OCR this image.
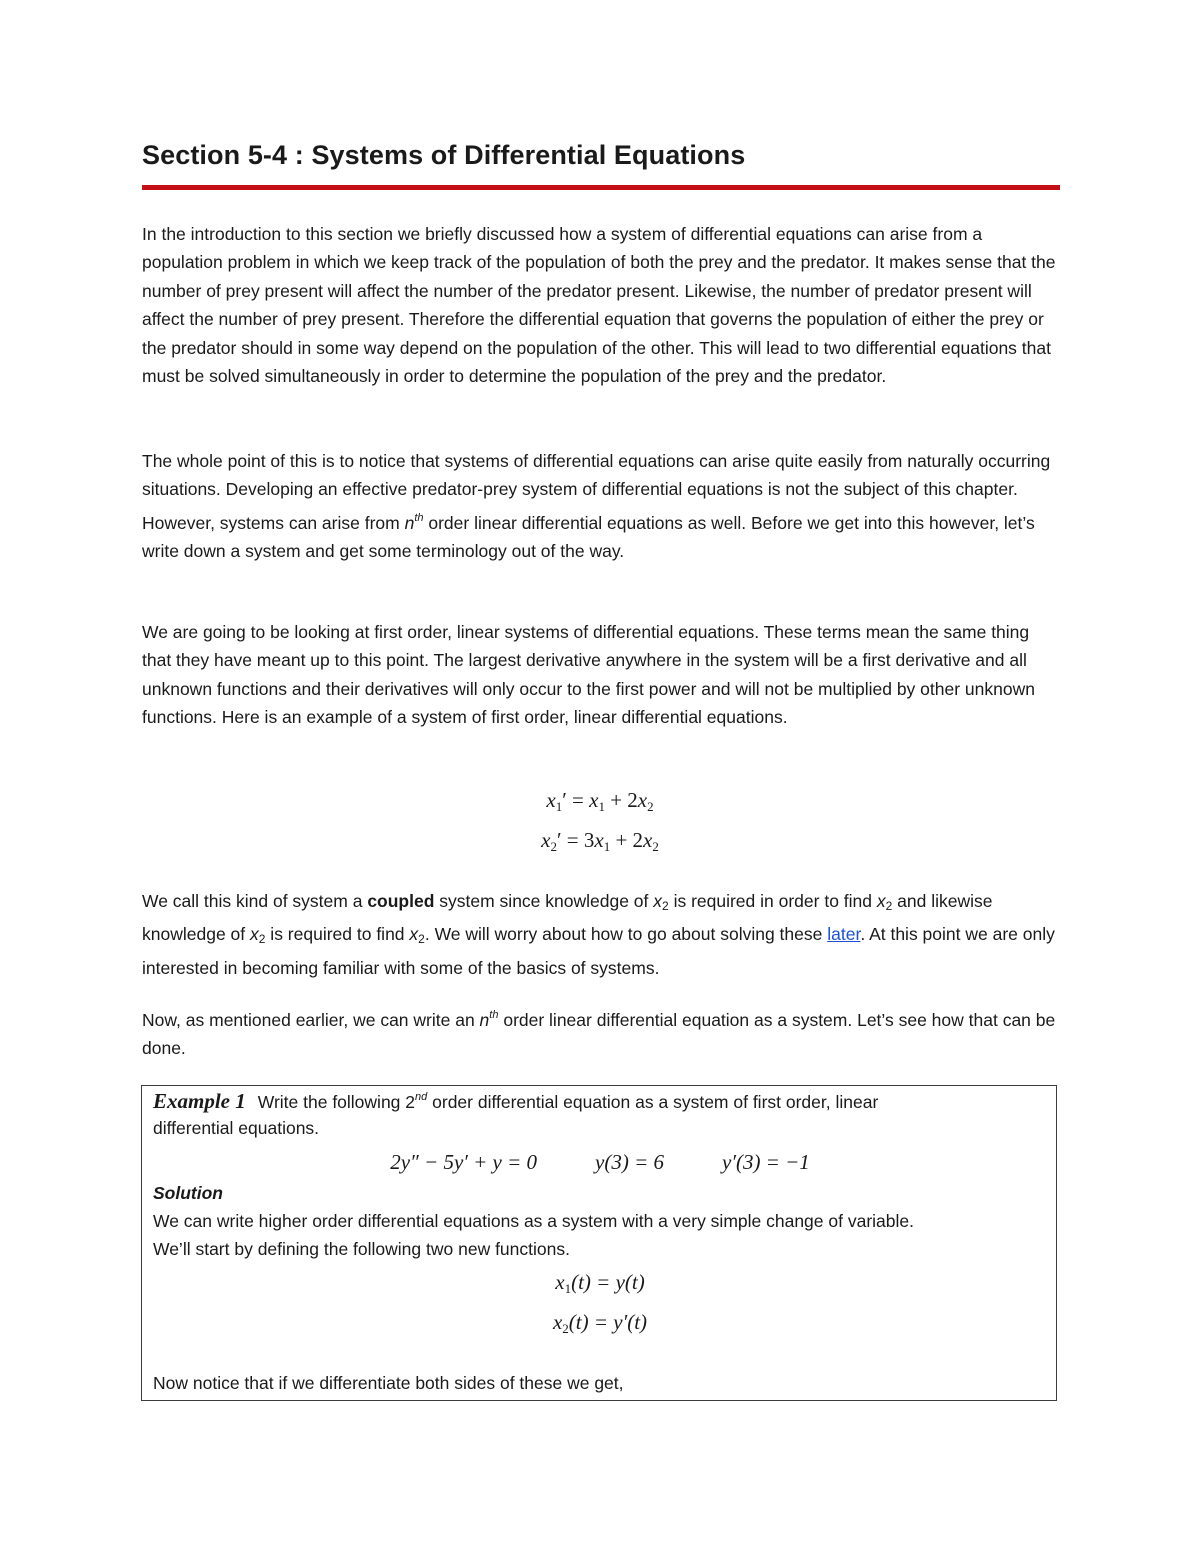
Section 5-4 : Systems of Differential Equations

In the introduction to this section we briefly discussed how a system of differential equations can arise from a population problem in which we keep track of the population of both the prey and the predator. It makes sense that the number of prey present will affect the number of the predator present. Likewise, the number of predator present will affect the number of prey present. Therefore the differential equation that governs the population of either the prey or the predator should in some way depend on the population of the other. This will lead to two differential equations that must be solved simultaneously in order to determine the population of the prey and the predator.

The whole point of this is to notice that systems of differential equations can arise quite easily from naturally occurring situations. Developing an effective predator-prey system of differential equations is not the subject of this chapter. However, systems can arise from $n^{th}$ order linear differential equations as well. Before we get into this however, let’s write down a system and get some terminology out of the way.

We are going to be looking at first order, linear systems of differential equations. These terms mean the same thing that they have meant up to this point. The largest derivative anywhere in the system will be a first derivative and all unknown functions and their derivatives will only occur to the first power and will not be multiplied by other unknown functions. Here is an example of a system of first order, linear differential equations.

$x_1' = x_1 + 2x_2$
$x_2' = 3x_1 + 2x_2$

We call this kind of system a coupled system since knowledge of $x_2$ is required in order to find $x_2$ and likewise knowledge of $x_2$ is required to find $x_2$. We will worry about how to go about solving these later. At this point we are only interested in becoming familiar with some of the basics of systems.

Now, as mentioned earlier, we can write an $n^{th}$ order linear differential equation as a system. Let’s see how that can be done.

Example 1 Write the following 2nd order differential equation as a system of first order, linear

differential equations.

2y″ − 5y′ + y = 0	y(3) = 6	y′(3) = −1

Solution

We can write higher order differential equations as a system with a very simple change of variable.

We’ll start by defining the following two new functions.

$x_1(t) = y(t)$
$x_2(t) = y'(t)$

Now notice that if we differentiate both sides of these we get,
